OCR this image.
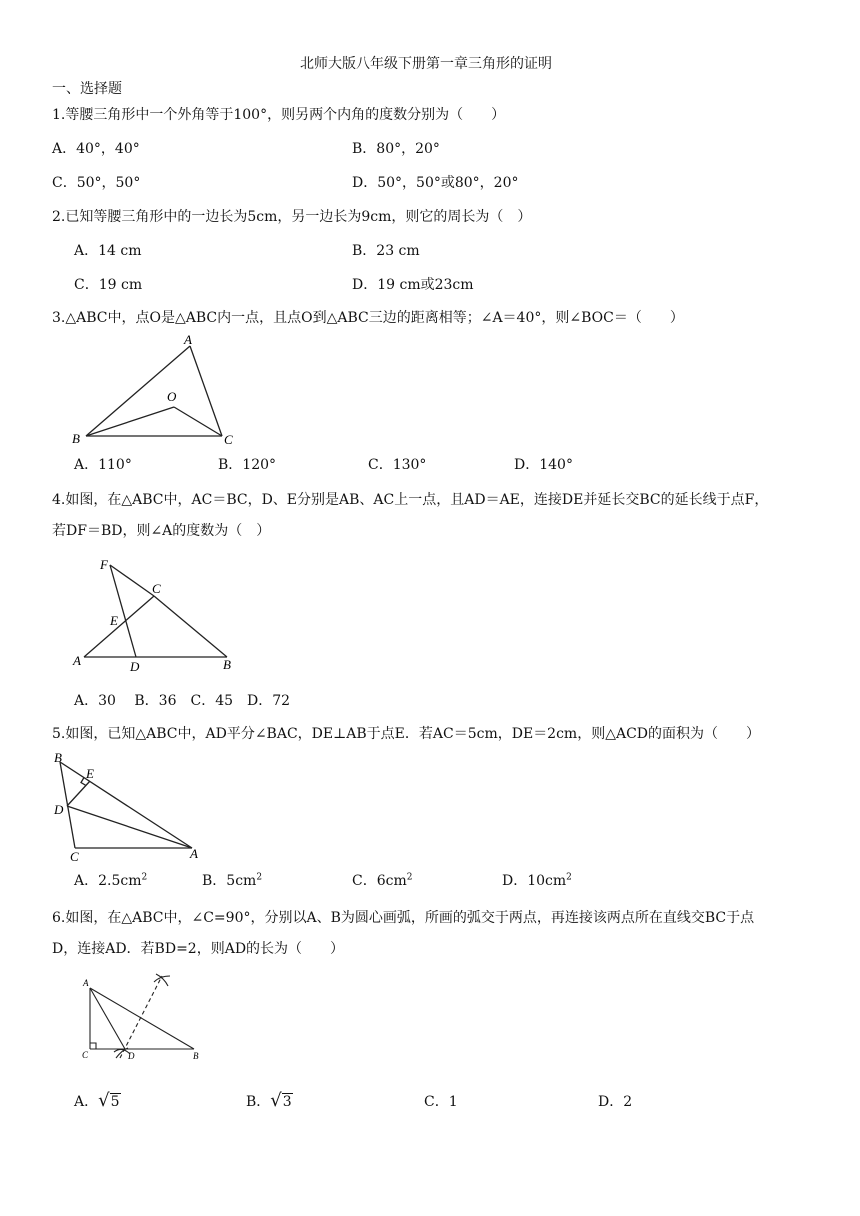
北师大版八年级下册第一章三角形的证明
一、选择题
1.等腰三角形中一个外角等于100°，则另两个内角的度数分别为（　　）
A．40°，40°	B．80°，20°
C．50°，50°	D．50°，50°或80°，20°
2.已知等腰三角形中的一边长为5cm，另一边长为9cm，则它的周长为（　）
A．14 cm	B．23 cm
C．19 cm	D．19 cm或23cm
3.△ABC中，点O是△ABC内一点，且点O到△ABC三边的距离相等；∠A＝40°，则∠BOC＝（　　）
A
B	C
O
A．110°	B．120°	C．130°	D．140°
4.如图，在△ABC中，AC＝BC，D、E分别是AB、AC上一点，且AD＝AE，连接DE并延长交BC的延长线于点F，
若DF＝BD，则∠A的度数为（　）
F
C
E
A	D	B
A．30　 B．36　C．45　D．72
5.如图，已知△ABC中，AD平分∠BAC，DE⊥AB于点E．若AC＝5cm，DE＝2cm，则△ACD的面积为（　　）
B
E
D
C	A
A．$2.5cm^2$	B．$5cm^2$	C．$6cm^2$	D．$10cm^2$
6.如图，在△ABC中，∠C=90°，分别以A、B为圆心画弧，所画的弧交于两点，再连接该两点所在直线交BC于点
D，连接AD．若BD=2，则AD的长为（　　）
A
C	D	B
A．√5	B．√3	C．1	D．2
